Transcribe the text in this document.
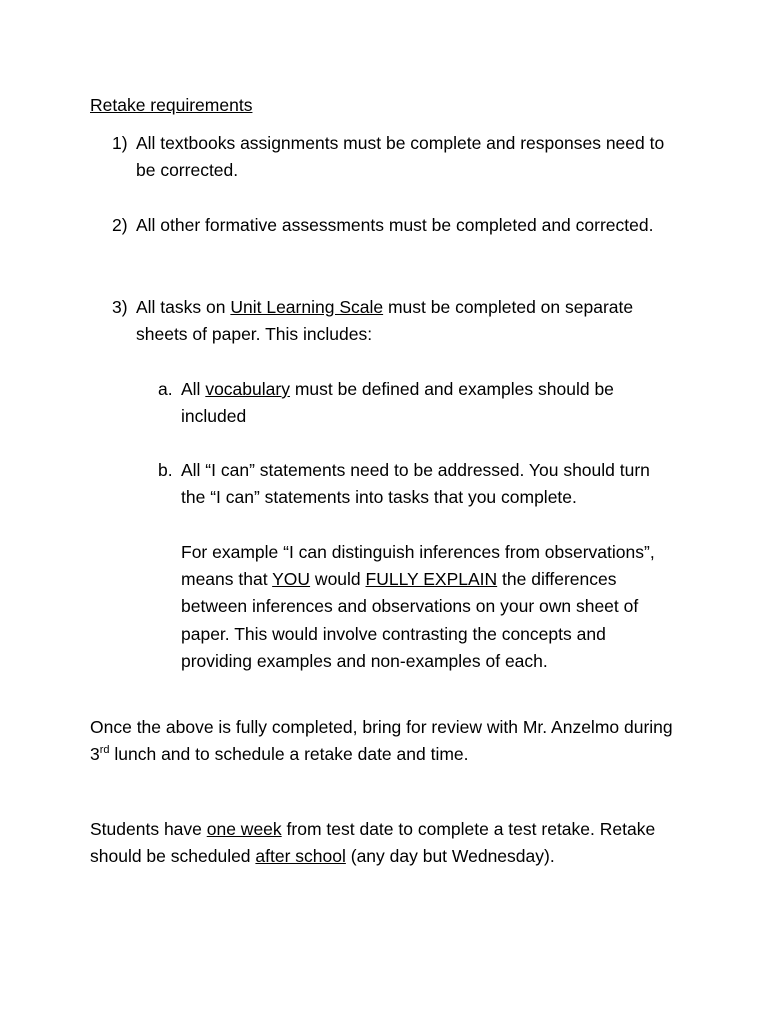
Retake requirements
1) All textbooks assignments must be complete and responses need to be corrected.
2) All other formative assessments must be completed and corrected.
3) All tasks on Unit Learning Scale must be completed on separate sheets of paper. This includes:
a. All vocabulary must be defined and examples should be included
b. All “I can” statements need to be addressed. You should turn the “I can” statements into tasks that you complete.
For example “I can distinguish inferences from observations”, means that YOU would FULLY EXPLAIN the differences between inferences and observations on your own sheet of paper. This would involve contrasting the concepts and providing examples and non-examples of each.
Once the above is fully completed, bring for review with Mr. Anzelmo during 3rd lunch and to schedule a retake date and time.
Students have one week from test date to complete a test retake. Retake should be scheduled after school (any day but Wednesday).
